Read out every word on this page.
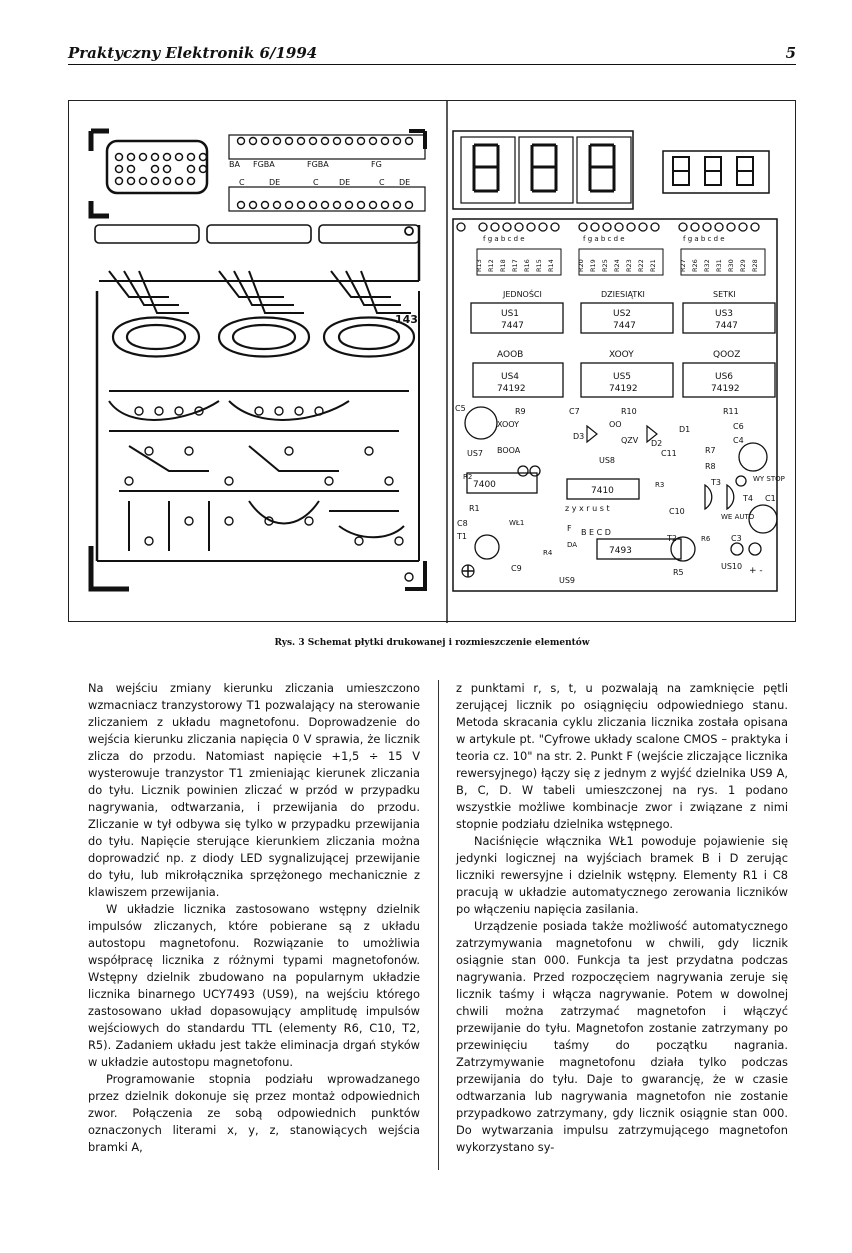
Praktyczny Elektronik 6/1994	5
BA FGBA	FGBA	FG
C	DE	C	DE	C DE
143
f g a b c d e	f g a b c d e	f g a b c d e
JEDNOŚCI	DZIESIĄTKI	SETKI
US1
7447
US2
7447
US3
7447
AOOB	XOOY	QOOZ
US4
74192
US5
74192
US6
74192
C5	R9	C7	R10	R11
XOOY	OO
D1	C6
QZV D2
D3	C4
US7 BOOA
US8
C11	R7
R8
R2
7400
7410
R3	T3	WY STOP
T4 C1
R1	z y x r u s t	C10
WE AUTO
C8	WŁ1
F B E C D
T2
T1
DA
7493
R6	C3
R4
C9	R5
US10 + -
US9
R13 R12 R18 R17 R16 R15 R14	R20 R19 R25 R24 R23 R22 R21	R27 R26 R32 R31 R30 R29 R28
Rys. 3 Schemat płytki drukowanej i rozmieszczenie elementów

Na wejściu zmiany kierunku zliczania umieszczono wzmacniacz tranzystorowy T1 pozwalający na sterowanie zliczaniem z układu magnetofonu. Doprowadzenie do wejścia kierunku zliczania napięcia 0 V sprawia, że licznik zlicza do przodu. Natomiast napięcie +1,5 ÷ 15 V wysterowuje tranzystor T1 zmieniając kierunek zliczania do tyłu. Licznik powinien zliczać w przód w przypadku nagrywania, odtwarzania, i przewijania do przodu. Zliczanie w tył odbywa się tylko w przypadku przewijania do tyłu. Napięcie sterujące kierunkiem zliczania można doprowadzić np. z diody LED sygnalizującej przewijanie do tyłu, lub mikrołącznika sprzężonego mechanicznie z klawiszem przewijania.

W układzie licznika zastosowano wstępny dzielnik impulsów zliczanych, które pobierane są z układu autostopu magnetofonu. Rozwiązanie to umożliwia współpracę licznika z różnymi typami magnetofonów. Wstępny dzielnik zbudowano na popularnym układzie licznika binarnego UCY7493 (US9), na wejściu którego zastosowano układ dopasowujący amplitudę impulsów wejściowych do standardu TTL (elementy R6, C10, T2, R5). Zadaniem układu jest także eliminacja drgań styków w układzie autostopu magnetofonu.

Programowanie stopnia podziału wprowadzanego przez dzielnik dokonuje się przez montaż odpowiednich zwor. Połączenia ze sobą odpowiednich punktów oznaczonych literami x, y, z, stanowiących wejścia bramki A,

z punktami r, s, t, u pozwalają na zamknięcie pętli zerującej licznik po osiągnięciu odpowiedniego stanu. Metoda skracania cyklu zliczania licznika została opisana w artykule pt. "Cyfrowe układy scalone CMOS – praktyka i teoria cz. 10" na str. 2. Punkt F (wejście zliczające licznika rewersyjnego) łączy się z jednym z wyjść dzielnika US9 A, B, C, D. W tabeli umieszczonej na rys. 1 podano wszystkie możliwe kombinacje zwor i związane z nimi stopnie podziału dzielnika wstępnego.

Naciśnięcie włącznika WŁ1 powoduje pojawienie się jedynki logicznej na wyjściach bramek B i D zerując liczniki rewersyjne i dzielnik wstępny. Elementy R1 i C8 pracują w układzie automatycznego zerowania liczników po włączeniu napięcia zasilania.

Urządzenie posiada także możliwość automatycznego zatrzymywania magnetofonu w chwili, gdy licznik osiągnie stan 000. Funkcja ta jest przydatna podczas nagrywania. Przed rozpoczęciem nagrywania zeruje się licznik taśmy i włącza nagrywanie. Potem w dowolnej chwili można zatrzymać magnetofon i włączyć przewijanie do tyłu. Magnetofon zostanie zatrzymany po przewinięciu taśmy do początku nagrania. Zatrzymywanie magnetofonu działa tylko podczas przewijania do tyłu. Daje to gwarancję, że w czasie odtwarzania lub nagrywania magnetofon nie zostanie przypadkowo zatrzymany, gdy licznik osiągnie stan 000. Do wytwarzania impulsu zatrzymującego magnetofon wykorzystano sy-
